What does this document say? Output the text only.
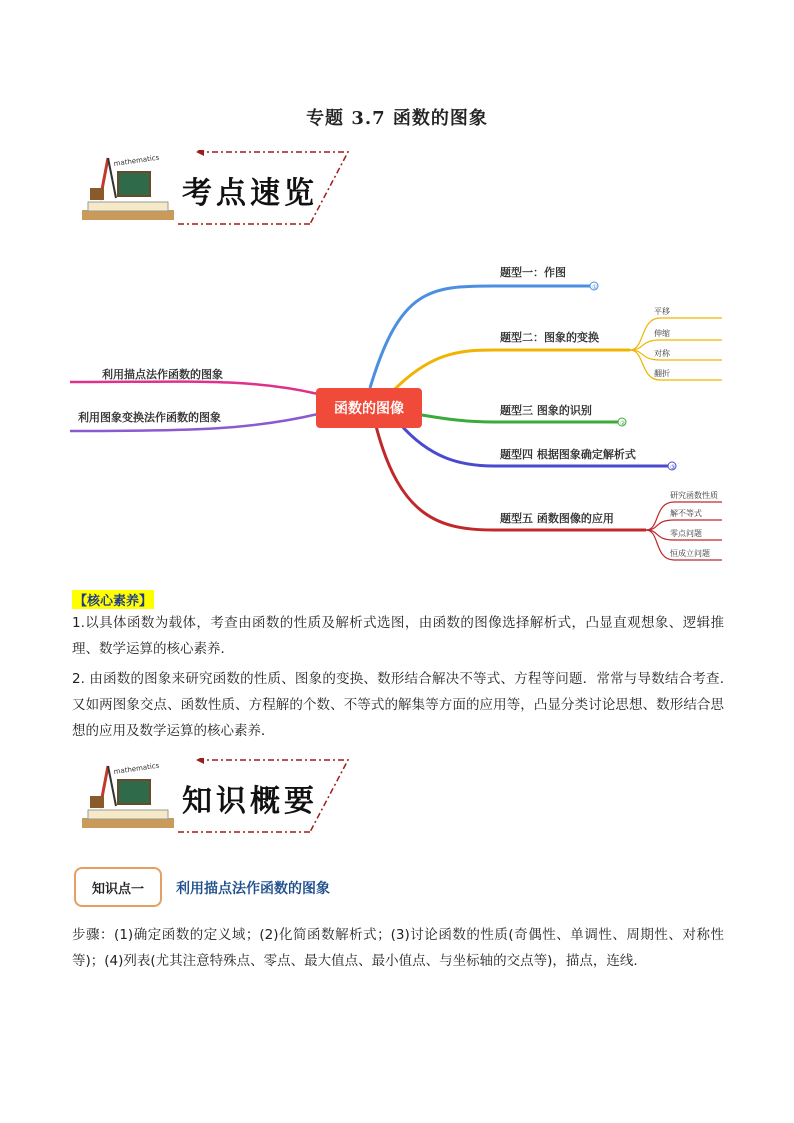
专题 3.7 函数的图象
mathematics
考点速览
利用描点法作函数的图象
利用图象变换法作函数的图象
①
②
③
题型一：作图
题型二：图象的变换
题型三 图象的识别
题型四 根据图象确定解析式
题型五 函数图像的应用
平移
伸缩
对称
翻折
研究函数性质
解不等式
零点问题
恒成立问题
函数的图像
【核心素养】
1.以具体函数为载体，考查由函数的性质及解析式选图，由函数的图像选择解析式，凸显直观想象、逻辑推理、数学运算的核心素养．
2. 由函数的图象来研究函数的性质、图象的变换、数形结合解决不等式、方程等问题．常常与导数结合考查.又如两图象交点、函数性质、方程解的个数、不等式的解集等方面的应用等，凸显分类讨论思想、数形结合思想的应用及数学运算的核心素养．
mathematics
知识概要
知识点一	利用描点法作函数的图象
步骤：(1)确定函数的定义域；(2)化简函数解析式；(3)讨论函数的性质(奇偶性、单调性、周期性、对称性等)；(4)列表(尤其注意特殊点、零点、最大值点、最小值点、与坐标轴的交点等)，描点，连线.
